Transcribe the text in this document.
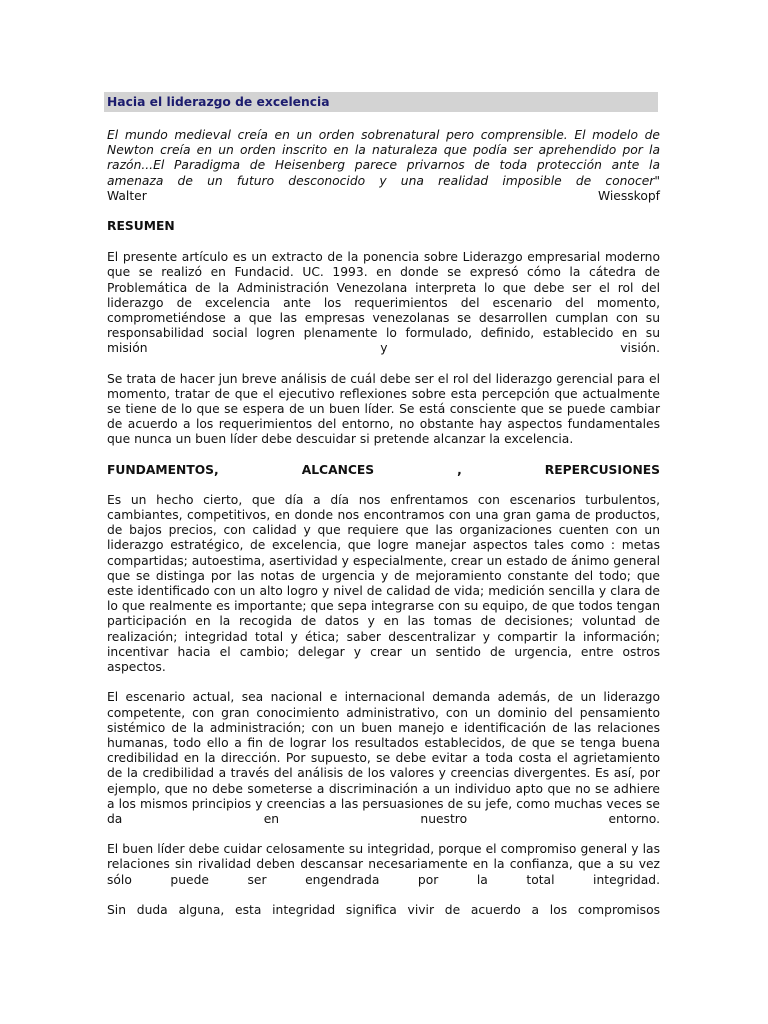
Hacia el liderazgo de excelencia

El mundo medieval creía en un orden sobrenatural pero comprensible. El modelo de Newton creía en un orden inscrito en la naturaleza que podía ser aprehendido por la razón...El Paradigma de Heisenberg parece privarnos de toda protección ante la amenaza de un futuro desconocido y una realidad imposible de conocer"

Walter	Wiesskopf
RESUMEN

El presente artículo es un extracto de la ponencia sobre Liderazgo empresarial moderno que se realizó en Fundacid. UC. 1993. en donde se expresó cómo la cátedra de Problemática de la Administración Venezolana interpreta lo que debe ser el rol del liderazgo de excelencia ante los requerimientos del escenario del momento, comprometiéndose a que las empresas venezolanas se desarrollen cumplan con su responsabilidad social logren plenamente lo formulado, definido, establecido en su misión y visión.

Se trata de hacer jun breve análisis de cuál debe ser el rol del liderazgo gerencial para el momento, tratar de que el ejecutivo reflexiones sobre esta percepción que actualmente se tiene de lo que se espera de un buen líder. Se está consciente que se puede cambiar de acuerdo a los requerimientos del entorno, no obstante hay aspectos fundamentales que nunca un buen líder debe descuidar si pretende alcanzar la excelencia.

FUNDAMENTOS,	ALCANCES	,	REPERCUSIONES

Es un hecho cierto, que día a día nos enfrentamos con escenarios turbulentos, cambiantes, competitivos, en donde nos encontramos con una gran gama de productos, de bajos precios, con calidad y que requiere que las organizaciones cuenten con un liderazgo estratégico, de excelencia, que logre manejar aspectos tales como : metas compartidas; autoestima, asertividad y especialmente, crear un estado de ánimo general que se distinga por las notas de urgencia y de mejoramiento constante del todo; que este identificado con un alto logro y nivel de calidad de vida; medición sencilla y clara de lo que realmente es importante; que sepa integrarse con su equipo, de que todos tengan participación en la recogida de datos y en las tomas de decisiones; voluntad de realización; integridad total y ética; saber descentralizar y compartir la información; incentivar hacia el cambio; delegar y crear un sentido de urgencia, entre ostros aspectos.

El escenario actual, sea nacional e internacional demanda además, de un liderazgo competente, con gran conocimiento administrativo, con un dominio del pensamiento sistémico de la administración; con un buen manejo e identificación de las relaciones humanas, todo ello a fin de lograr los resultados establecidos, de que se tenga buena credibilidad en la dirección. Por supuesto, se debe evitar a toda costa el agrietamiento de la credibilidad a través del análisis de los valores y creencias divergentes. Es así, por ejemplo, que no debe someterse a discriminación a un individuo apto que no se adhiere a los mismos principios y creencias a las persuasiones de su jefe, como muchas veces se da en nuestro entorno.

El buen líder debe cuidar celosamente su integridad, porque el compromiso general y las relaciones sin rivalidad deben descansar necesariamente en la confianza, que a su vez sólo puede ser engendrada por la total integridad.

Sin duda alguna, esta integridad significa vivir de acuerdo a los compromisos
